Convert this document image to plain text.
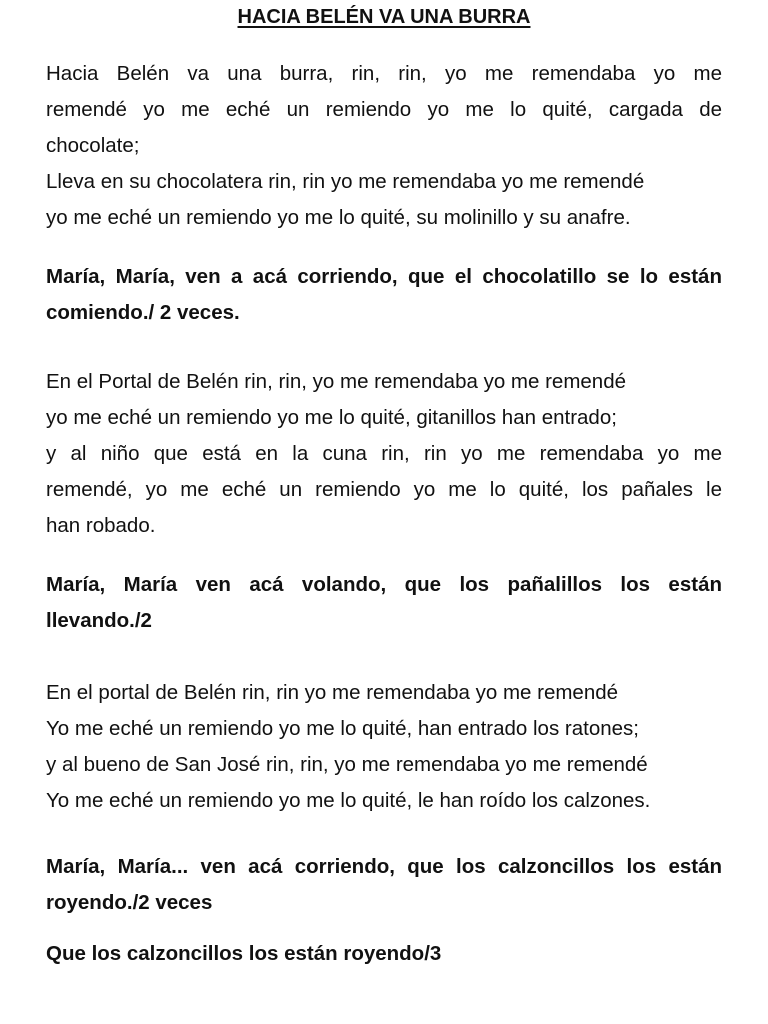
HACIA BELÉN VA UNA BURRA
Hacia Belén va una burra, rin, rin, yo me remendaba yo me
remendé yo me eché un remiendo yo me lo quité, cargada de
chocolate;
Lleva en su chocolatera rin, rin yo me remendaba yo me remendé
yo me eché un remiendo yo me lo quité, su molinillo y su anafre.
María, María, ven a acá corriendo, que el chocolatillo se lo están
comiendo./ 2 veces.
En el Portal de Belén rin, rin, yo me remendaba yo me remendé
yo me eché un remiendo yo me lo quité, gitanillos han entrado;
y al niño que está en la cuna rin, rin yo me remendaba yo me
remendé, yo me eché un remiendo yo me lo quité, los pañales le
han robado.
María, María ven acá volando, que los pañalillos los están
llevando./2
En el portal de Belén rin, rin yo me remendaba yo me remendé
Yo me eché un remiendo yo me lo quité, han entrado los ratones;
y al bueno de San José rin, rin, yo me remendaba yo me remendé
Yo me eché un remiendo yo me lo quité, le han roído los calzones.
María, María... ven acá corriendo, que los calzoncillos los están
royendo./2 veces
Que los calzoncillos los están royendo/3
